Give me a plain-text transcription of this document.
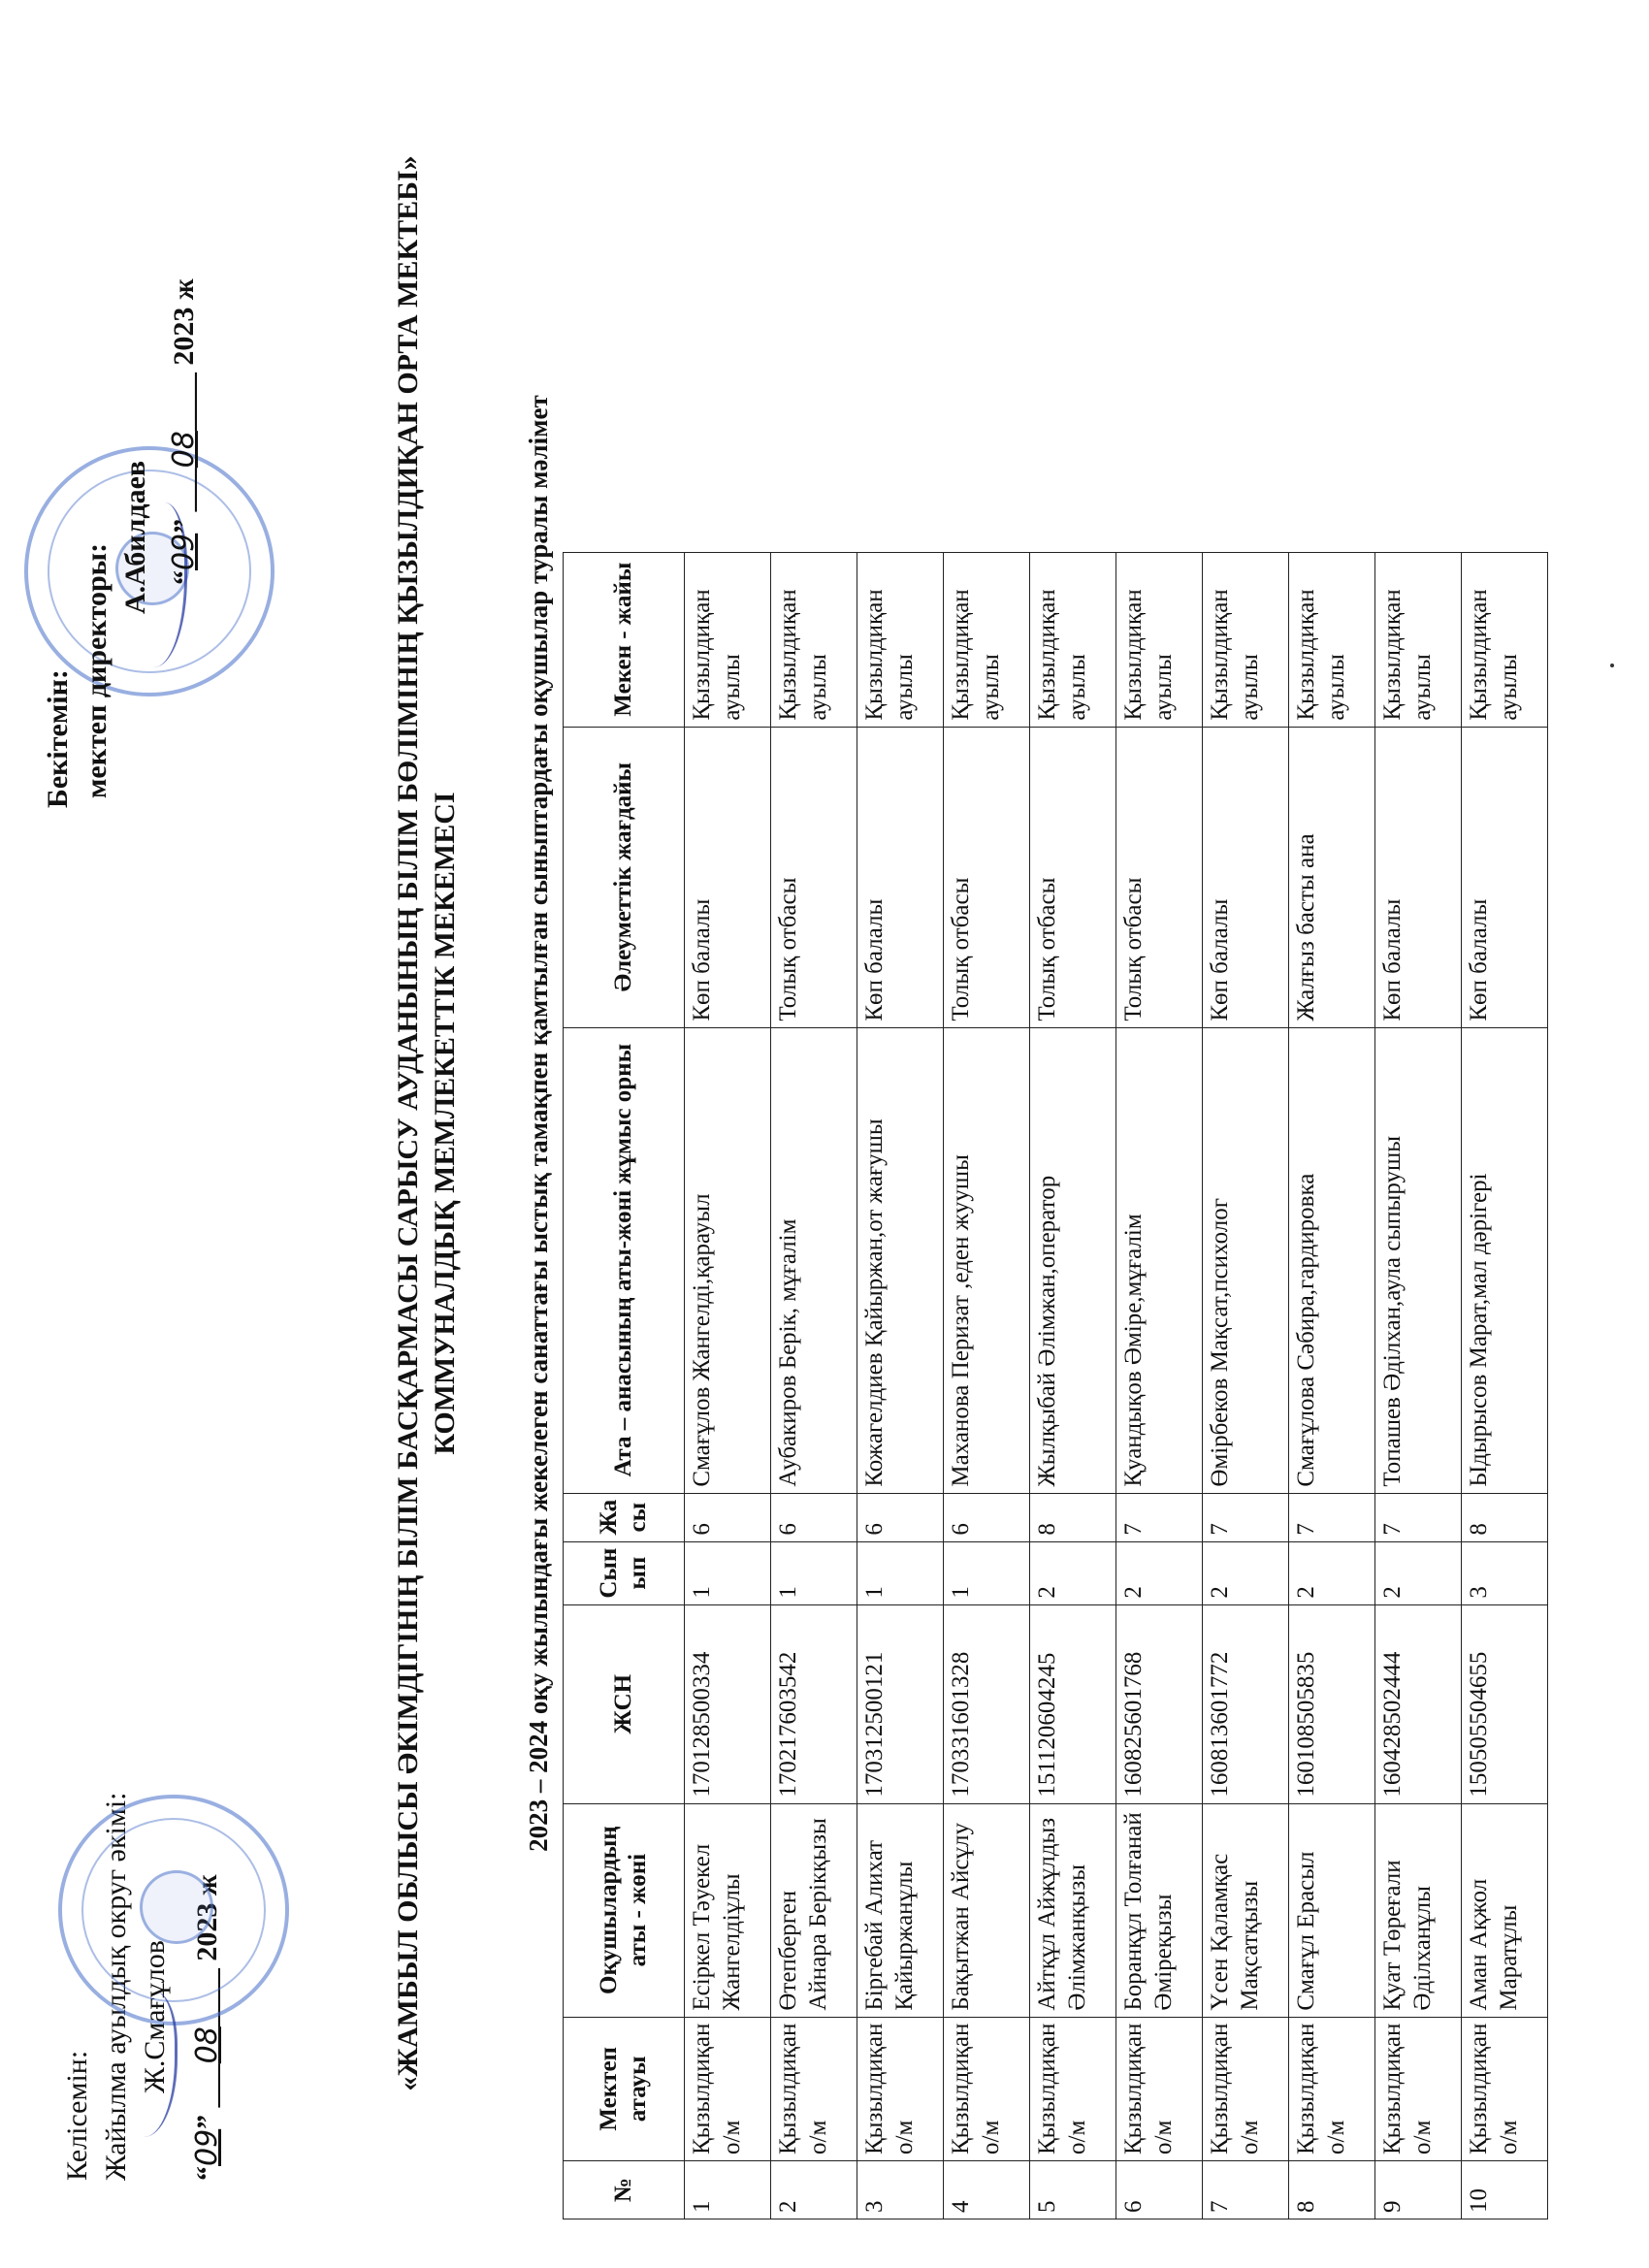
Келісемін: Жайылма ауылдық округ әкімі: Ж.Смағұлов
“09” ___08____ 2023 ж
Бекітемін: мектеп директоры:
А.Абилдаев “09” ___08____ 2023 ж	«ЖАМБЫЛ ОБЛЫСЫ ӘКІМДІГІНІҢ БІЛІМ БАСҚАРМАСЫ САРЫСУ АУДАНЫНЫҢ БІЛІМ БӨЛІМІНІҢ ҚЫЗЫЛДИҚАН ОРТА МЕКТЕБІ» КОММУНАЛДЫҚ МЕМЛЕКЕТТІК МЕКЕМЕСІ 2023 – 2024 оқу жылындағы жекелеген санаттағы ыстық тамақпен қамтылған сыныптардағы оқушылар туралы мәлімет
№	Мектеп атауы	Оқушылардың аты - жөні	ЖСН	Сын ып	Жа сы	Ата – анасының аты-жөні жұмыс орны	Әлеуметтік жағдайы	Мекен - жайы
1	Қызылдиқан о/м	Есіркел Тәуекел Жангелдіұлы	170128500334	1	6	Смағұлов Жангелді,қарауыл	Көп балалы	Қызылдиқан ауылы
2	Қызылдиқан о/м	Өтепберген Айнара Берікқызы	170217603542	1	6	Аубакиров Берік, мұғалім	Толық отбасы	Қызылдиқан ауылы
3	Қызылдиқан о/м	Біргебай Алихат Қайыржанұлы	170312500121	1	6	Кожагелдиев Қайыржан,от жағушы	Көп балалы	Қызылдиқан ауылы
4	Қызылдиқан о/м	Бақытжан Айсұлу	170331601328	1	6	Маханова Перизат ,еден жуушы	Толық отбасы	Қызылдиқан ауылы
5	Қызылдиқан о/м	Айтқұл Айжұлдыз Әлімжанқызы	151120604245	2	8	Жылқыбай Әлімжан,оператор	Толық отбасы	Қызылдиқан ауылы
6	Қызылдиқан о/м	Боранқұл Толғанай Әміреқызы	160825601768	2	7	Қуандықов Әміре,мұғалім	Толық отбасы	Қызылдиқан ауылы
7	Қызылдиқан о/м	Үсен Қаламқас Мақсатқызы	160813601772	2	7	Өмірбеков Мақсат,психолог	Көп балалы	Қызылдиқан ауылы
8	Қызылдиқан о/м	Смағұл Ерасыл	160108505835	2	7	Смағұлова Сәбира,гардировка	Жалғыз басты ана	Қызылдиқан ауылы
9	Қызылдиқан о/м	Қуат Төреғали Әділханұлы	160428502444	2	7	Топашев Әділхан,аула сыпырушы	Көп балалы	Қызылдиқан ауылы
10	Қызылдиқан о/м	Аман Ақжол Маратұлы	150505504655	3	8	Ыдырысов Марат,мал дәрігері	Көп балалы	Қызылдиқан ауылы
